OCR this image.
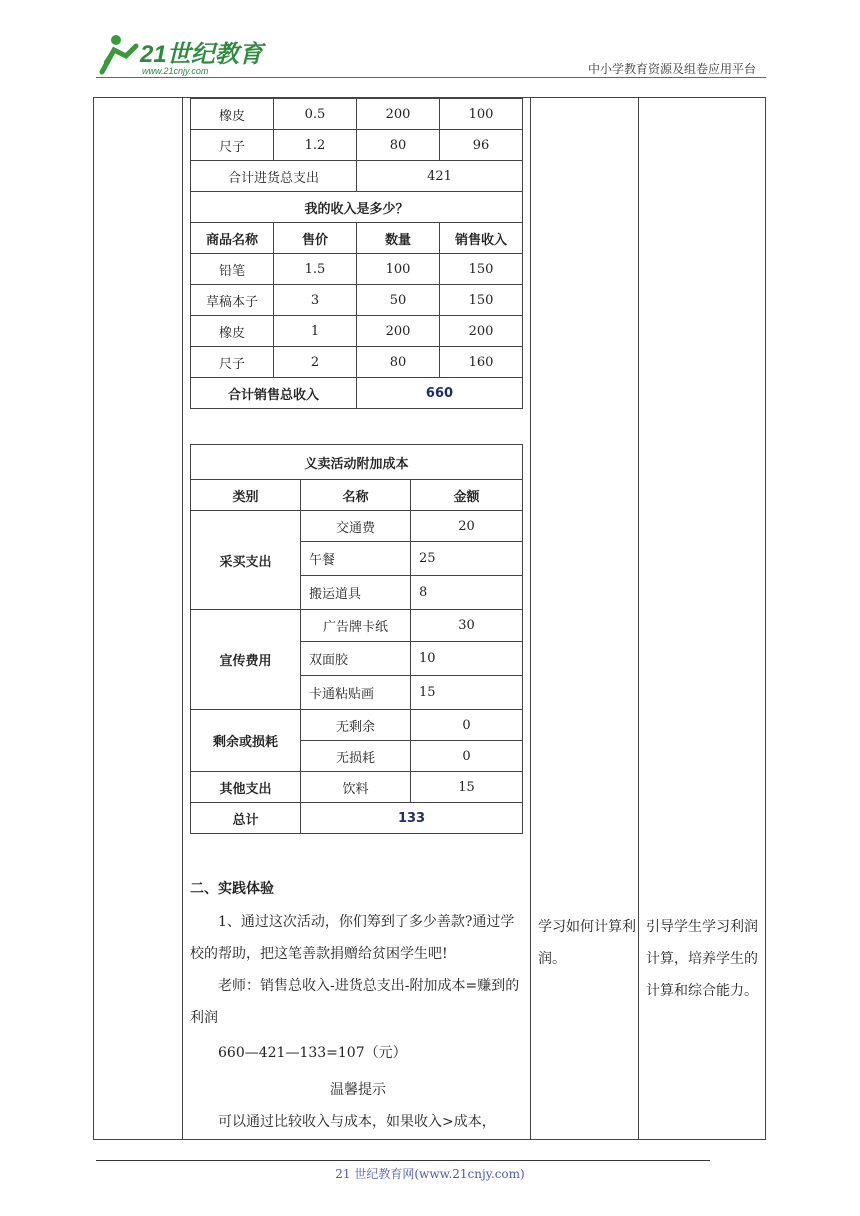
21世纪教育
www.21cnjy.com	中小学教育资源及组卷应用平台
橡皮	0.5	200	100
尺子	1.2	80	96
合计进货总支出		421	
我的收入是多少？			
商品名称	售价	数量	销售收入
铅笔	1.5	100	150
草稿本子	3	50	150
橡皮	1	200	200
尺子	2	80	160
合计销售总收入		660	
义卖活动附加成本		
类别	名称	金额
采买支出	交通费	20
	午餐	25
	搬运道具	8
宣传费用	广告牌卡纸	30
	双面胶	10
	卡通粘贴画	15
剩余或损耗	无剩余	0
	无损耗	0
其他支出	饮料	15
总计	133	
二、实践体验
1、通过这次活动，你们筹到了多少善款?通过学校的帮助，把这笔善款捐赠给贫困学生吧!
老师：销售总收入-进货总支出-附加成本=赚到的利润
660—421—133=107（元）
温馨提示
可以通过比较收入与成本，如果收入>成本，
学习如何计算利润。
引导学生学习利润计算，培养学生的计算和综合能力。
21 世纪教育网(www.21cnjy.com)
